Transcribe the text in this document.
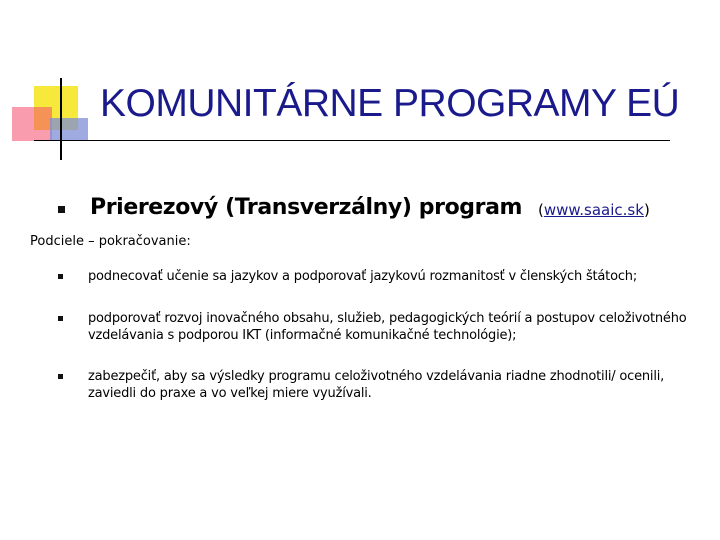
KOMUNITÁRNE PROGRAMY EÚ
Prierezový (Transverzálny) program (www.saaic.sk)
Podciele – pokračovanie:
podnecovať učenie sa jazykov a podporovať jazykovú rozmanitosť v členských štátoch;
podporovať rozvoj inovačného obsahu, služieb, pedagogických teórií a postupov celoživotného vzdelávania s podporou IKT (informačné komunikačné technológie);
zabezpečiť, aby sa výsledky programu celoživotného vzdelávania riadne zhodnotili/ ocenili, zaviedli do praxe a vo veľkej miere využívali.
